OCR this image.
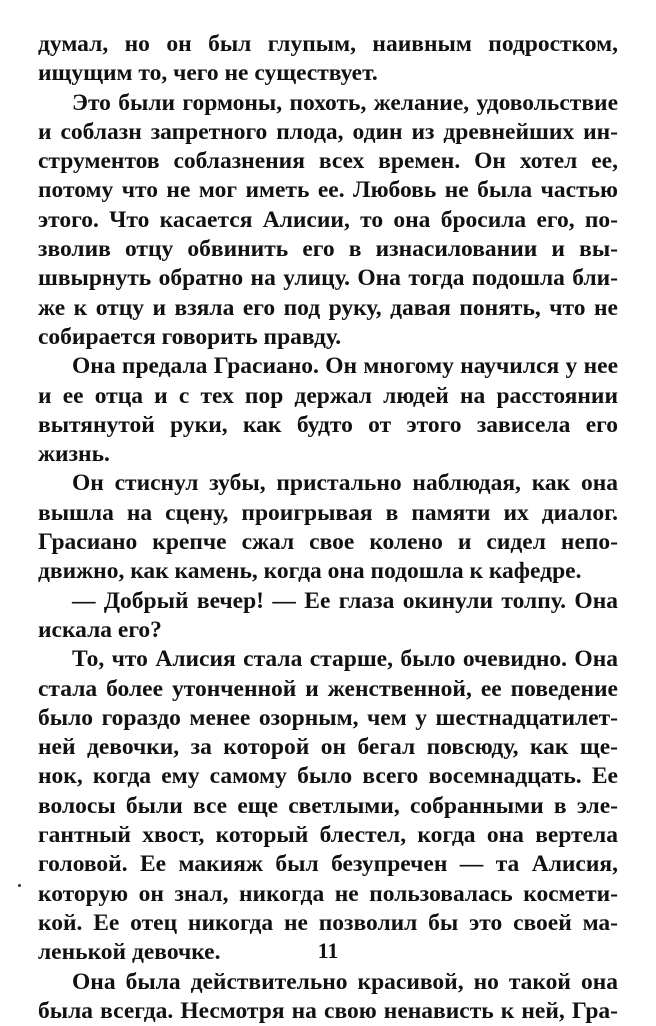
думал, но он был глупым, наивным подростком,
ищущим то, чего не существует.
Это были гормоны, похоть, желание, удовольствие
и соблазн запретного плода, один из древнейших ин-
струментов соблазнения всех времен. Он хотел ее,
потому что не мог иметь ее. Любовь не была частью
этого. Что касается Алисии, то она бросила его, по-
зволив отцу обвинить его в изнасиловании и вы-
швырнуть обратно на улицу. Она тогда подошла бли-
же к отцу и взяла его под руку, давая понять, что не
собирается говорить правду.
Она предала Грасиано. Он многому научился у нее
и ее отца и с тех пор держал людей на расстоянии
вытянутой руки, как будто от этого зависела его
жизнь.
Он стиснул зубы, пристально наблюдая, как она
вышла на сцену, проигрывая в памяти их диалог.
Грасиано крепче сжал свое колено и сидел непо-
движно, как камень, когда она подошла к кафедре.
— Добрый вечер! — Ее глаза окинули толпу. Она
искала его?
То, что Алисия стала старше, было очевидно. Она
стала более утонченной и женственной, ее поведение
было гораздо менее озорным, чем у шестнадцатилет-
ней девочки, за которой он бегал повсюду, как ще-
нок, когда ему самому было всего восемнадцать. Ее
волосы были все еще светлыми, собранными в эле-
гантный хвост, который блестел, когда она вертела
головой. Ее макияж был безупречен — та Алисия,
которую он знал, никогда не пользовалась космети-
кой. Ее отец никогда не позволил бы это своей ма-
ленькой девочке.
Она была действительно красивой, но такой она
была всегда. Несмотря на свою ненависть к ней, Гра-
11
